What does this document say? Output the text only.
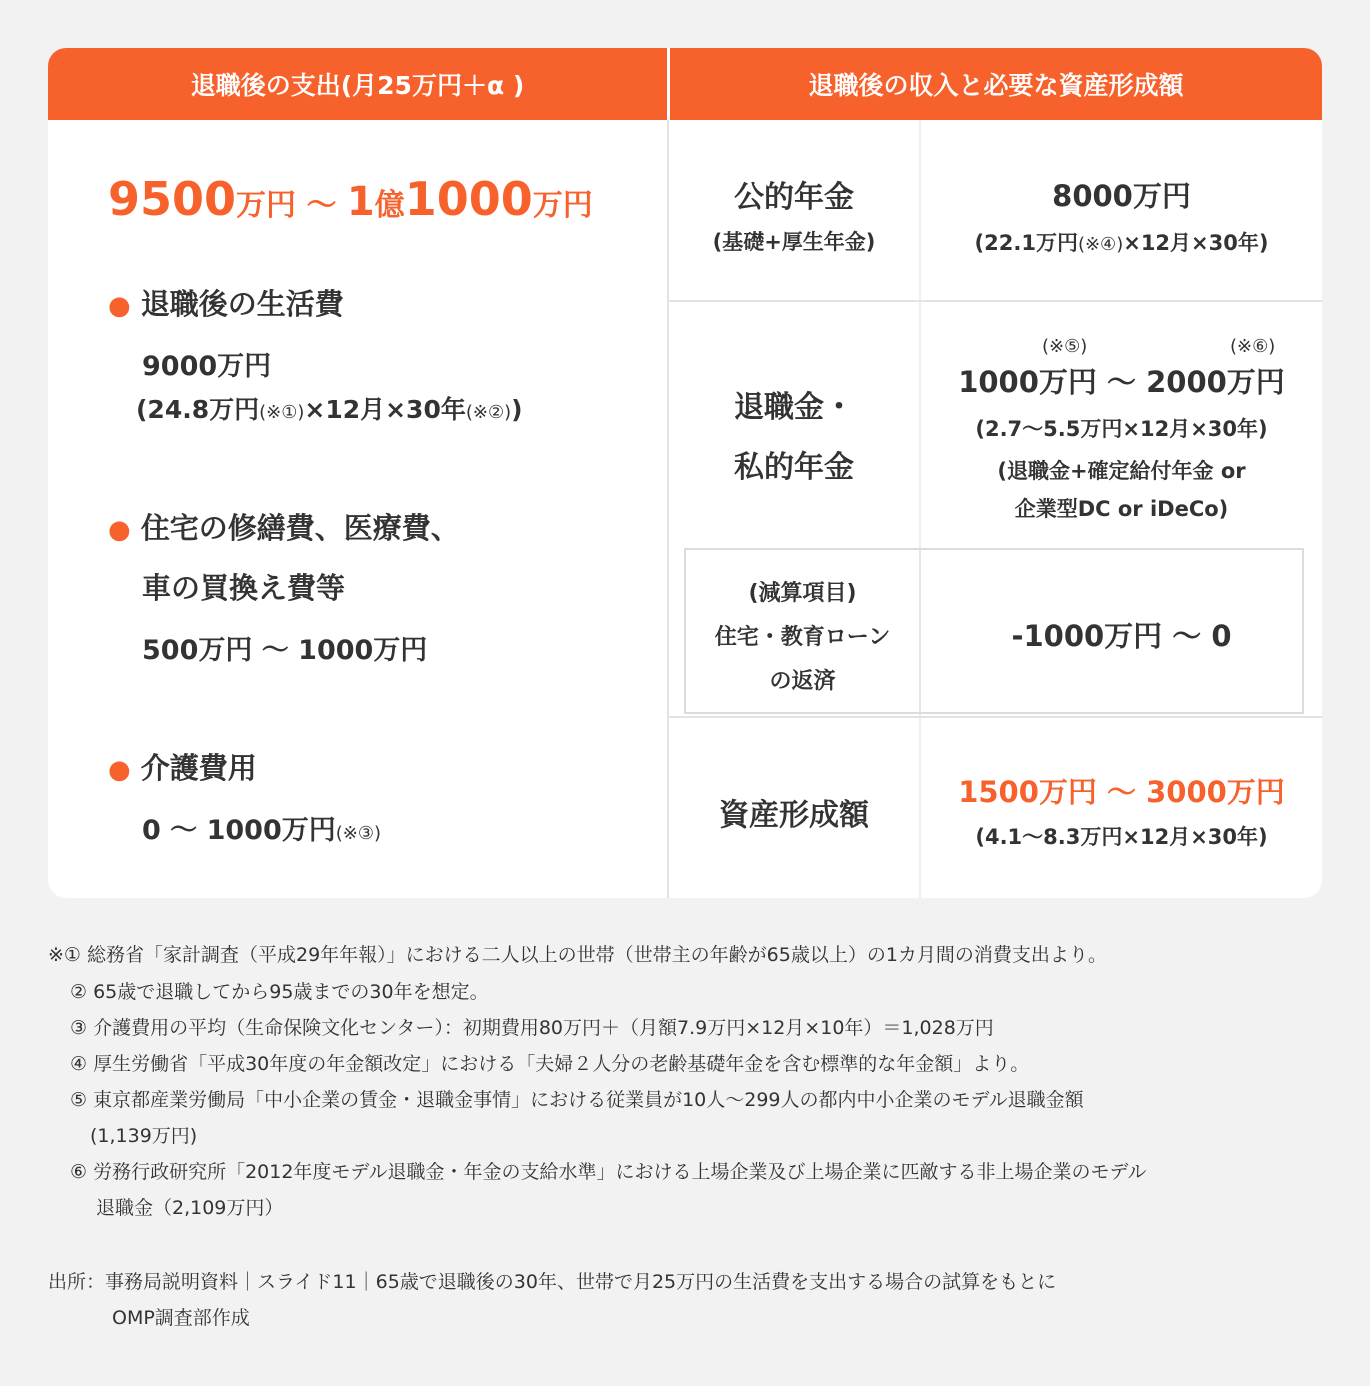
退職後の支出(月25万円＋α )	退職後の収入と必要な資産形成額
9500万円 ～ 1億1000万円
● 退職後の生活費
9000万円
(24.8万円(※①)×12月×30年(※②))
● 住宅の修繕費、医療費、
車の買換え費等
500万円 ～ 1000万円
● 介護費用
0 ～ 1000万円(※③)
公的年金
(基礎+厚生年金)
8000万円
(22.1万円(※④)×12月×30年)
退職金・
私的年金
(※⑤)	(※⑥)
1000万円 ～ 2000万円
(2.7～5.5万円×12月×30年)
(退職金+確定給付年金 or
企業型DC or iDeCo)
(減算項目)
住宅・教育ローン
の返済
-1000万円 ～ 0
資産形成額
1500万円 ～ 3000万円
(4.1～8.3万円×12月×30年)
※① 総務省「家計調査（平成29年年報）」における二人以上の世帯（世帯主の年齢が65歳以上）の1カ月間の消費支出より。
② 65歳で退職してから95歳までの30年を想定。
③ 介護費用の平均（生命保険文化センター）：初期費用80万円＋（月額7.9万円×12月×10年）＝1,028万円
④ 厚生労働省「平成30年度の年金額改定」における「夫婦２人分の老齢基礎年金を含む標準的な年金額」より。
⑤ 東京都産業労働局「中小企業の賃金・退職金事情」における従業員が10人～299人の都内中小企業のモデル退職金額
(1,139万円)
⑥ 労務行政研究所「2012年度モデル退職金・年金の支給水準」における上場企業及び上場企業に匹敵する非上場企業のモデル
退職金（2,109万円）
出所：事務局説明資料｜スライド11｜65歳で退職後の30年、世帯で月25万円の生活費を支出する場合の試算をもとに
OMP調査部作成
